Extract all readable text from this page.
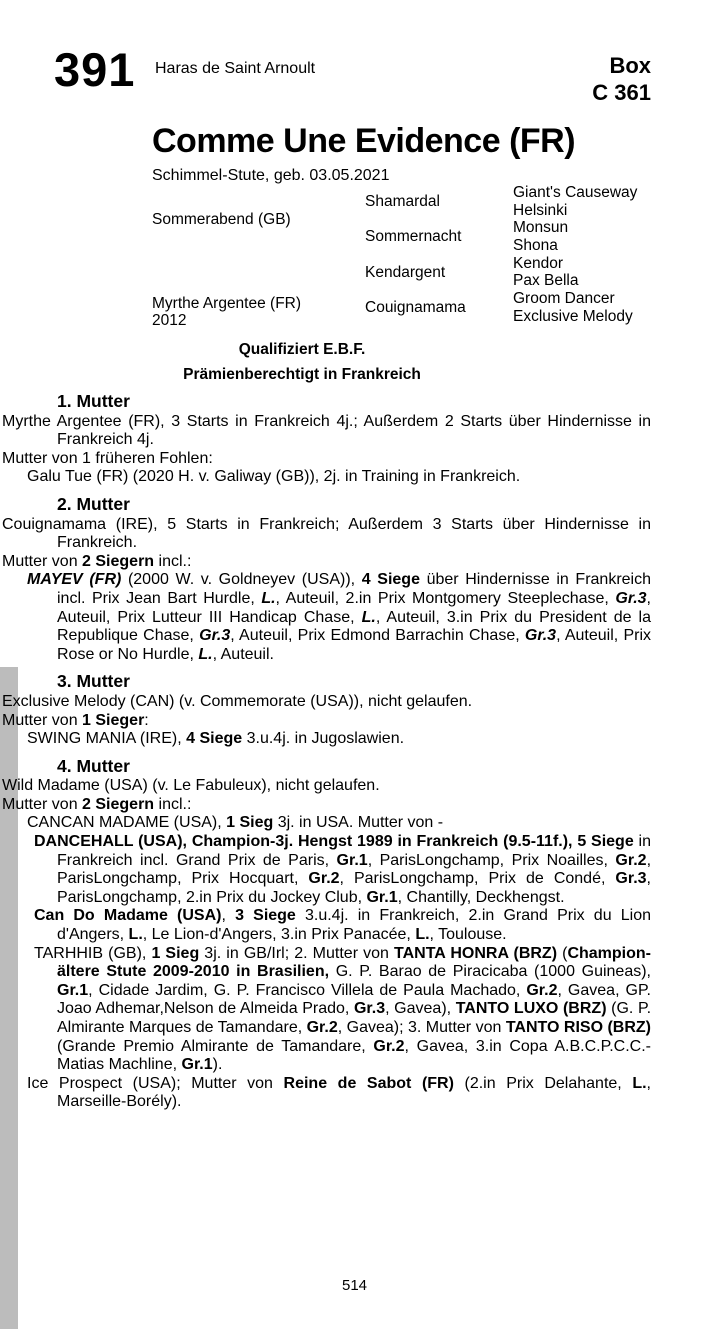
391 Haras de Saint Arnoult	Box
C 361
Comme Une Evidence (FR)
Schimmel-Stute, geb. 03.05.2021
Sommerabend (GB)
Myrthe Argentee (FR)
2012
Shamardal
Sommernacht
Kendargent
Couignamama
Giant's Causeway
Helsinki
Monsun
Shona
Kendor
Pax Bella
Groom Dancer
Exclusive Melody
Qualifiziert E.B.F.
Prämienberechtigt in Frankreich
1. Mutter

Myrthe Argentee (FR), 3 Starts in Frankreich 4j.; Außerdem 2 Starts über Hindernisse in Frankreich 4j.

Mutter von 1 früheren Fohlen:

Galu Tue (FR) (2020 H. v. Galiway (GB)), 2j. in Training in Frankreich.

2. Mutter

Couignamama (IRE), 5 Starts in Frankreich; Außerdem 3 Starts über Hindernisse in Frankreich.

Mutter von 2 Siegern incl.:

MAYEV (FR) (2000 W. v. Goldneyev (USA)), 4 Siege über Hindernisse in Frankreich incl. Prix Jean Bart Hurdle, L., Auteuil, 2.in Prix Montgomery Steeplechase, Gr.3, Auteuil, Prix Lutteur III Handicap Chase, L., Auteuil, 3.in Prix du President de la Republique Chase, Gr.3, Auteuil, Prix Edmond Barrachin Chase, Gr.3, Auteuil, Prix Rose or No Hurdle, L., Auteuil.

3. Mutter

Exclusive Melody (CAN) (v. Commemorate (USA)), nicht gelaufen.

Mutter von 1 Sieger:

SWING MANIA (IRE), 4 Siege 3.u.4j. in Jugoslawien.

4. Mutter

Wild Madame (USA) (v. Le Fabuleux), nicht gelaufen.

Mutter von 2 Siegern incl.:

CANCAN MADAME (USA), 1 Sieg 3j. in USA. Mutter von -

DANCEHALL (USA), Champion-3j. Hengst 1989 in Frankreich (9.5-11f.), 5 Siege in Frankreich incl. Grand Prix de Paris, Gr.1, ParisLongchamp, Prix Noailles, Gr.2, ParisLongchamp, Prix Hocquart, Gr.2, ParisLongchamp, Prix de Condé, Gr.3, ParisLongchamp, 2.in Prix du Jockey Club, Gr.1, Chantilly, Deckhengst.

Can Do Madame (USA), 3 Siege 3.u.4j. in Frankreich, 2.in Grand Prix du Lion d'Angers, L., Le Lion-d'Angers, 3.in Prix Panacée, L., Toulouse.

TARHHIB (GB), 1 Sieg 3j. in GB/Irl; 2. Mutter von TANTA HONRA (BRZ) (Champion-ältere Stute 2009-2010 in Brasilien, G. P. Barao de Piracicaba (1000 Guineas), Gr.1, Cidade Jardim, G. P. Francisco Villela de Paula Machado, Gr.2, Gavea, GP. Joao Adhemar,Nelson de Almeida Prado, Gr.3, Gavea), TANTO LUXO (BRZ) (G. P. Almirante Marques de Tamandare, Gr.2, Gavea); 3. Mutter von TANTO RISO (BRZ) (Grande Premio Almirante de Tamandare, Gr.2, Gavea, 3.in Copa A.B.C.P.C.C.-Matias Machline, Gr.1).

Ice Prospect (USA); Mutter von Reine de Sabot (FR) (2.in Prix Delahante, L., Marseille-Borély).

514
